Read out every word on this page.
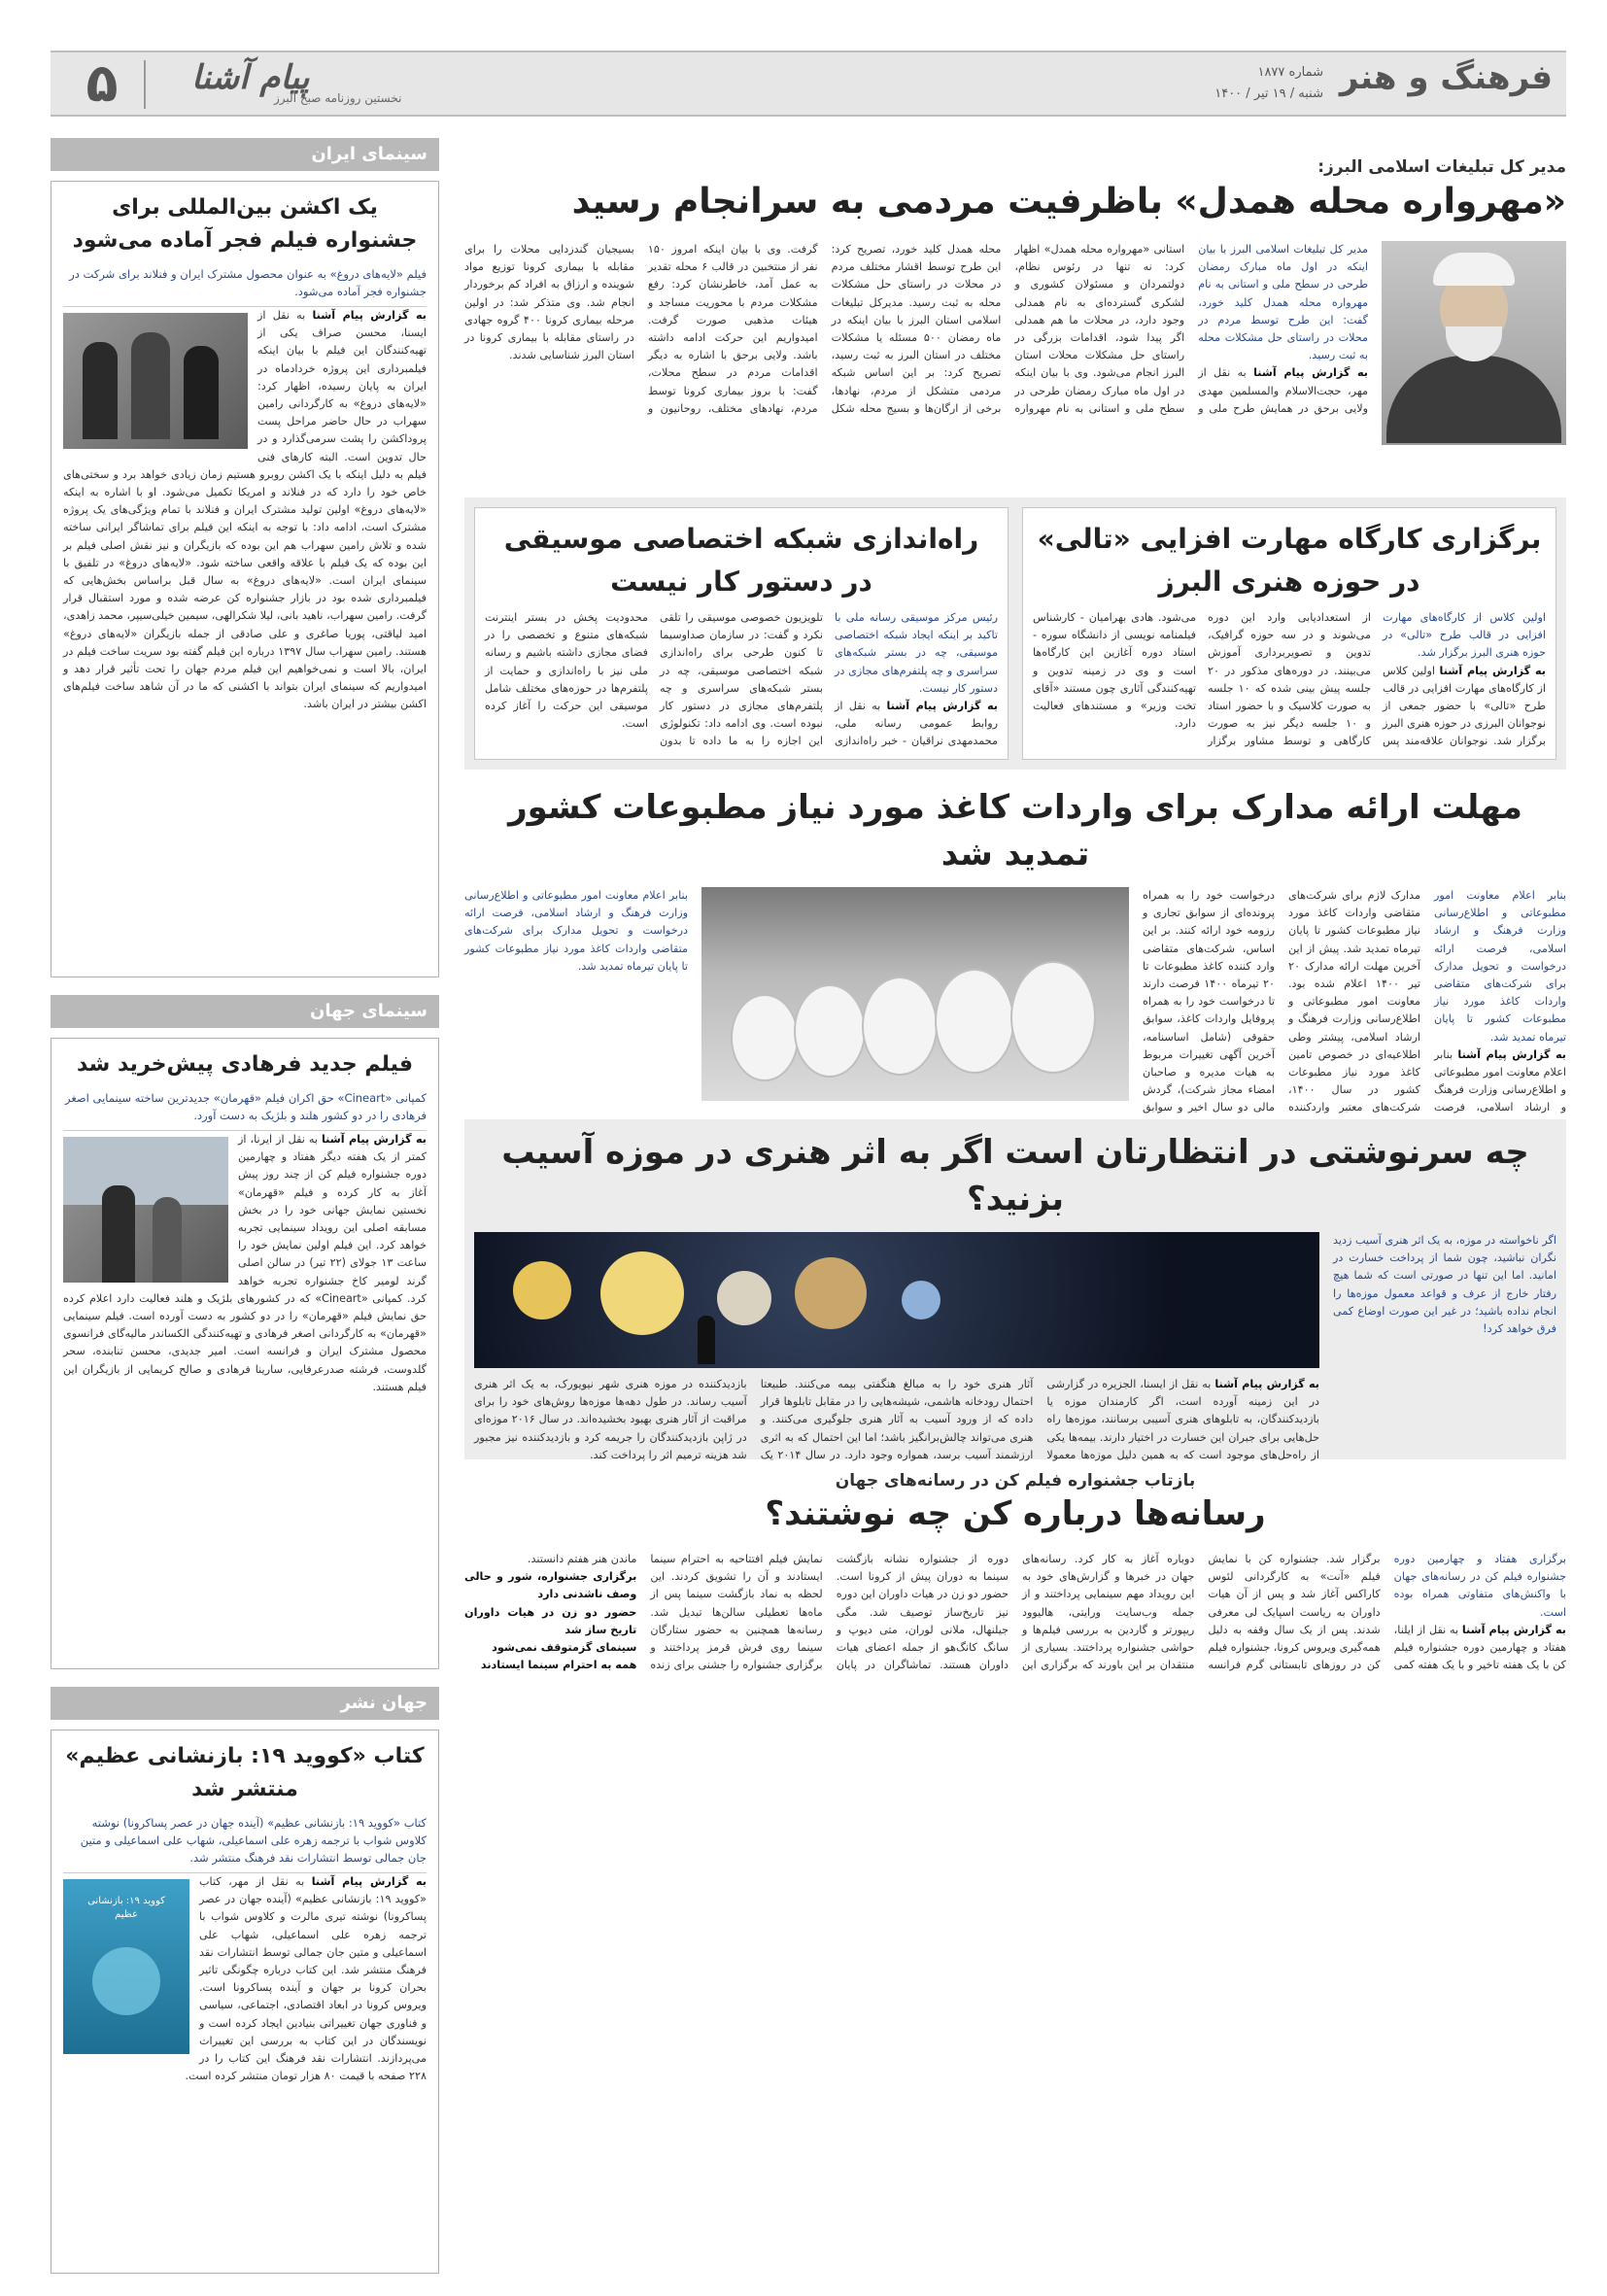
فرهنگ و هنر
شماره ۱۸۷۷
شنبه / ۱۹ تیر / ۱۴۰۰
پیام آشنا
نخستین روزنامه صبح البرز
۵
سینمای ایران
یک اکشن بین‌المللی برای جشنواره فیلم فجر آماده می‌شود
فیلم «لایه‌های دروغ» به عنوان محصول مشترک ایران و فنلاند برای شرکت در جشنواره فجر آماده می‌شود.
به گزارش پیام آشنا به نقل از ایسنا، محسن صراف یکی از تهیه‌کنندگان این فیلم با بیان اینکه فیلمبرداری این پروژه خردادماه در ایران به پایان رسیده، اظهار کرد: «لایه‌های دروغ» به کارگردانی رامین سهراب در حال حاضر مراحل پست پروداکشن را پشت سرمی‌گذارد و در حال تدوین است. البته کارهای فنی فیلم به دلیل اینکه با یک اکشن روبرو هستیم زمان زیادی خواهد برد و سختی‌های خاص خود را دارد که در فنلاند و امریکا تکمیل می‌شود. او با اشاره به اینکه «لایه‌های دروغ» اولین تولید مشترک ایران و فنلاند با تمام ویژگی‌های یک پروژه مشترک است، ادامه داد: با توجه به اینکه این فیلم برای تماشاگر ایرانی ساخته شده و تلاش رامین سهراب هم این بوده که بازیگران و نیز نقش اصلی فیلم بر این بوده که یک فیلم با علاقه واقعی ساخته شود. «لایه‌های دروغ» در تلفیق با سینمای ایران است. «لایه‌های دروغ» به سال قبل براساس بخش‌هایی که فیلمبرداری شده بود در بازار جشنواره کن عرضه شده و مورد استقبال قرار گرفت. رامین سهراب، ناهید بانی، لیلا شکرالهی، سیمین خیلی‌سیپر، محمد زاهدی، امید لیاقتی، پوریا صاغری و علی صادقی از جمله بازیگران «لایه‌های دروغ» هستند. رامین سهراب سال ۱۳۹۷ درباره این فیلم گفته بود سریت ساخت فیلم در ایران، بالا است و نمی‌خواهیم این فیلم مردم جهان را تحت تأثیر قرار دهد و امیدواریم که سینمای ایران بتواند با اکشنی که ما در آن شاهد ساخت فیلم‌های اکشن بیشتر در ایران باشد.
سینمای جهان
فیلم جدید فرهادی پیش‌خرید شد
کمپانی «Cineart» حق اکران فیلم «قهرمان» جدیدترین ساخته سینمایی اصغر فرهادی را در دو کشور هلند و بلژیک به دست آورد.
به گزارش پیام آشنا به نقل از ایرنا، از کمتر از یک هفته دیگر هفتاد و چهارمین دوره جشنواره فیلم کن از چند روز پیش آغاز به کار کرده و فیلم «قهرمان» نخستین نمایش جهانی خود را در بخش مسابقه اصلی این رویداد سینمایی تجربه خواهد کرد. این فیلم اولین نمایش خود را ساعت ۱۳ جولای (۲۲ تیر) در سالن اصلی گرند لومیر کاخ جشنواره تجربه خواهد کرد. کمپانی «Cineart» که در کشورهای بلژیک و هلند فعالیت دارد اعلام کرده حق نمایش فیلم «قهرمان» را در دو کشور به دست آورده است. فیلم سینمایی «قهرمان» به کارگردانی اصغر فرهادی و تهیه‌کنندگی الکساندر مالیه‌گای فرانسوی محصول مشترک ایران و فرانسه است. امیر جدیدی، محسن تنابنده، سحر گلدوست، فرشته صدرعرفایی، سارینا فرهادی و صالح کریمایی از بازیگران این فیلم هستند.
جهان نشر
کتاب «کووید ۱۹: بازنشانی عظیم» منتشر شد
کتاب «کووید ۱۹: بازنشانی عظیم» (آینده جهان در عصر پساکرونا) نوشته کلاوس شواب با ترجمه زهره علی اسماعیلی، شهاب علی اسماعیلی و متین جان جمالی توسط انتشارات نقد فرهنگ منتشر شد.
کووید ۱۹: بازنشانی عظیم
به گزارش پیام آشنا به نقل از مهر، کتاب «کووید ۱۹: بازنشانی عظیم» (آینده جهان در عصر پساکرونا) نوشته تیری مالرت و کلاوس شواب با ترجمه زهره علی اسماعیلی، شهاب علی اسماعیلی و متین جان جمالی توسط انتشارات نقد فرهنگ منتشر شد. این کتاب درباره چگونگی تاثیر بحران کرونا بر جهان و آینده پساکرونا است. ویروس کرونا در ابعاد اقتصادی، اجتماعی، سیاسی و فناوری جهان تغییراتی بنیادین ایجاد کرده است و نویسندگان در این کتاب به بررسی این تغییرات می‌پردازند. انتشارات نقد فرهنگ این کتاب را در ۲۲۸ صفحه با قیمت ۸۰ هزار تومان منتشر کرده است.
مدیر کل تبلیغات اسلامی البرز:
«مهرواره محله همدل» باظرفیت مردمی به سرانجام رسید
مدیر کل تبلیغات اسلامی البرز با بیان اینکه در اول ماه مبارک رمضان طرحی در سطح ملی و استانی به نام مهرواره محله همدل کلید خورد، گفت: این طرح توسط مردم در محلات در راستای حل مشکلات محله به ثبت رسید.
به گزارش پیام آشنا به نقل از مهر، حجت‌الاسلام والمسلمین مهدی ولایی برحق در همایش طرح ملی و استانی «مهرواره محله همدل» اظهار کرد: نه تنها در رئوس نظام، دولتمردان و مسئولان کشوری و لشکری گسترده‌ای به نام همدلی وجود دارد، در محلات ما هم همدلی اگر پیدا شود، اقدامات بزرگی در راستای حل مشکلات محلات استان البرز انجام می‌شود. وی با بیان اینکه در اول ماه مبارک رمضان طرحی در سطح ملی و استانی به نام مهرواره محله همدل کلید خورد، تصریح کرد: این طرح توسط اقشار مختلف مردم در محلات در راستای حل مشکلات محله به ثبت رسید. مدیرکل تبلیغات اسلامی استان البرز با بیان اینکه در ماه رمضان ۵۰۰ مسئله یا مشکلات مختلف در استان البرز به ثبت رسید، تصریح کرد: بر این اساس شبکه مردمی متشکل از مردم، نهادها، برخی از ارگان‌ها و بسیج محله شکل گرفت. وی با بیان اینکه امروز ۱۵۰ نفر از منتخبین در قالب ۶ محله تقدیر به عمل آمد، خاطرنشان کرد: رفع مشکلات مردم با محوریت مساجد و هیئات مذهبی صورت گرفت. امیدواریم این حرکت ادامه داشته باشد. ولایی برحق با اشاره به دیگر اقدامات مردم در سطح محلات، گفت: با بروز بیماری کرونا توسط مردم، نهادهای مختلف، روحانیون و بسیجیان گندزدایی محلات را برای مقابله با بیماری کرونا توزیع مواد شوینده و ارزاق به افراد کم برخوردار انجام شد. وی متذکر شد: در اولین مرحله بیماری کرونا ۴۰۰ گروه جهادی در راستای مقابله با بیماری کرونا در استان البرز شناسایی شدند.
برگزاری کارگاه مهارت افزایی «تالی» در حوزه هنری البرز
اولین کلاس از کارگاه‌های مهارت افزایی در قالب طرح «تالی» در حوزه هنری البرز برگزار شد.
به گزارش پیام آشنا اولین کلاس از کارگاه‌های مهارت افزایی در قالب طرح «تالی» با حضور جمعی از نوجوانان البرزی در حوزه هنری البرز برگزار شد. نوجوانان علاقه‌مند پس از استعدادیابی وارد این دوره می‌شوند و در سه حوزه گرافیک، تدوین و تصویربرداری آموزش می‌بینند. در دوره‌های مذکور در ۲۰ جلسه پیش بینی شده که ۱۰ جلسه به صورت کلاسیک و با حضور استاد و ۱۰ جلسه دیگر نیز به صورت کارگاهی و توسط مشاور برگزار می‌شود. هادی بهرامیان - کارشناس فیلمنامه نویسی از دانشگاه سوره - استاد دوره آغازین این کارگاه‌ها است و وی در زمینه تدوین و تهیه‌کنندگی آثاری چون مستند «آقای تخت وزیر» و مستندهای فعالیت دارد.
راه‌اندازی شبکه اختصاصی موسیقی در دستور کار نیست
رئیس مرکز موسیقی رسانه ملی با تاکید بر اینکه ایجاد شبکه اختصاصی موسیقی، چه در بستر شبکه‌های سراسری و چه پلتفرم‌های مجازی در دستور کار نیست.
به گزارش پیام آشنا به نقل از روابط عمومی رسانه ملی، محمدمهدی نراقیان - خبر راه‌اندازی تلویزیون خصوصی موسیقی را تلقی نکرد و گفت: در سازمان صداوسیما تا کنون طرحی برای راه‌اندازی شبکه اختصاصی موسیقی، چه در بستر شبکه‌های سراسری و چه پلتفرم‌های مجازی در دستور کار نبوده است. وی ادامه داد: تکنولوژی این اجازه را به ما داده تا بدون محدودیت پخش در بستر اینترنت شبکه‌های متنوع و تخصصی را در فضای مجازی داشته باشیم و رسانه ملی نیز با راه‌اندازی و حمایت از پلتفرم‌ها در حوزه‌های مختلف شامل موسیقی این حرکت را آغاز کرده است.
مهلت ارائه مدارک برای واردات کاغذ مورد نیاز مطبوعات کشور تمدید شد
بنابر اعلام معاونت امور مطبوعاتی و اطلاع‌رسانی وزارت فرهنگ و ارشاد اسلامی، فرصت ارائه درخواست و تحویل مدارک برای شرکت‌های متقاضی واردات کاغذ مورد نیاز مطبوعات کشور تا پایان تیرماه تمدید شد.
به گزارش پیام آشنا بنابر اعلام معاونت امور مطبوعاتی و اطلاع‌رسانی وزارت فرهنگ و ارشاد اسلامی، فرصت مدارک لازم برای شرکت‌های متقاضی واردات کاغذ مورد نیاز مطبوعات کشور تا پایان تیرماه تمدید شد. پیش از این آخرین مهلت ارائه مدارک ۲۰ تیر ۱۴۰۰ اعلام شده بود. معاونت امور مطبوعاتی و اطلاع‌رسانی وزارت فرهنگ و ارشاد اسلامی، پیشتر وطی اطلاعیه‌ای در خصوص تامین کاغذ مورد نیاز مطبوعات کشور در سال ۱۴۰۰، شرکت‌های معتبر واردکننده درخواست خود را به همراه پرونده‌ای از سوابق تجاری و رزومه خود ارائه کنند. بر این اساس، شرکت‌های متقاضی وارد کننده کاغذ مطبوعات تا ۲۰ تیرماه ۱۴۰۰ فرصت دارند تا درخواست خود را به همراه پروفایل واردات کاغذ، سوابق حقوقی (شامل اساسنامه، آخرین آگهی تغییرات مربوط به هیات مدیره و صاحبان امضاء مجاز شرکت)، گردش مالی دو سال اخیر و سوابق
بنابر اعلام معاونت امور مطبوعاتی و اطلاع‌رسانی وزارت فرهنگ و ارشاد اسلامی، فرصت ارائه درخواست و تحویل مدارک برای شرکت‌های متقاضی واردات کاغذ مورد نیاز مطبوعات کشور تا پایان تیرماه تمدید شد.
چه سرنوشتی در انتظارتان است اگر به اثر هنری در موزه آسیب بزنید؟
اگر ناخواسته در موزه، به یک اثر هنری آسیب زدید نگران نباشید، چون شما از پرداخت خسارت در امانید. اما این تنها در صورتی است که شما هیچ رفتار خارج از عرف و قواعد معمول موزه‌ها را انجام نداده باشید؛ در غیر این صورت اوضاع کمی فرق خواهد کرد!
به گزارش پیام آشنا به نقل از ایسنا، الجزیره در گزارشی در این زمینه آورده است، اگر کارمندان موزه یا بازدیدکنندگان، به تابلوهای هنری آسیبی برسانند، موزه‌ها راه حل‌هایی برای جبران این خسارت در اختیار دارند. بیمه‌ها یکی از راه‌حل‌های موجود است که به همین دلیل موزه‌ها معمولا آثار هنری خود را به مبالغ هنگفتی بیمه می‌کنند. طبیعتا احتمال رودخانه هاشمی، شیشه‌هایی را در مقابل تابلوها قرار داده که از ورود آسیب به آثار هنری جلوگیری می‌کنند. و هنری می‌تواند چالش‌برانگیز باشد؛ اما این احتمال که به اثری ارزشمند آسیب برسد، همواره وجود دارد. در سال ۲۰۱۴ یک بازدیدکننده در موزه هنری شهر نیویورک، به یک اثر هنری آسیب رساند. در طول دهه‌ها موزه‌ها روش‌های خود را برای مراقبت از آثار هنری بهبود بخشیده‌اند. در سال ۲۰۱۶ موزه‌ای در ژاپن بازدیدکنندگان را جریمه کرد و بازدیدکننده نیز مجبور شد هزینه ترمیم اثر را پرداخت کند.
بازتاب جشنواره فیلم کن در رسانه‌های جهان
رسانه‌ها درباره کن چه نوشتند؟
برگزاری هفتاد و چهارمین دوره جشنواره فیلم کن در رسانه‌های جهان با واکنش‌های متفاوتی همراه بوده است.
به گزارش پیام آشنا به نقل از ایلنا، هفتاد و چهارمین دوره جشنواره فیلم کن با یک هفته تاخیر و با یک هفته کمی برگزار شد. جشنواره کن با نمایش فیلم «آنت» به کارگردانی لئوس کاراکس آغاز شد و پس از آن هیات داوران به ریاست اسپایک لی معرفی شدند. پس از یک سال وقفه به دلیل همه‌گیری ویروس کرونا، جشنواره فیلم کن در روزهای تابستانی گرم فرانسه دوباره آغاز به کار کرد. رسانه‌های جهان در خبرها و گزارش‌های خود به این رویداد مهم سینمایی پرداختند و از جمله وب‌سایت ورایتی، هالیوود ریپورتر و گاردین به بررسی فیلم‌ها و حواشی جشنواره پرداختند. بسیاری از منتقدان بر این باورند که برگزاری این دوره از جشنواره نشانه بازگشت سینما به دوران پیش از کرونا است. حضور دو زن در هیات داوران این دوره نیز تاریخ‌ساز توصیف شد. مگی جیلنهال، ملانی لوران، متی دیوپ و سانگ کانگ‌هو از جمله اعضای هیات داوران هستند. تماشاگران در پایان نمایش فیلم افتتاحیه به احترام سینما ایستادند و آن را تشویق کردند. این لحظه به نماد بازگشت سینما پس از ماه‌ها تعطیلی سالن‌ها تبدیل شد. رسانه‌ها همچنین به حضور ستارگان سینما روی فرش قرمز پرداختند و برگزاری جشنواره را جشنی برای زنده ماندن هنر هفتم دانستند.
برگزاری جشنواره، شور و حالی وصف ناشدنی دارد
حضور دو زن در هیات داوران تاریخ ساز شد
سینمای گزمتوقف نمی‌شود
همه به احترام سینما ایستادند
